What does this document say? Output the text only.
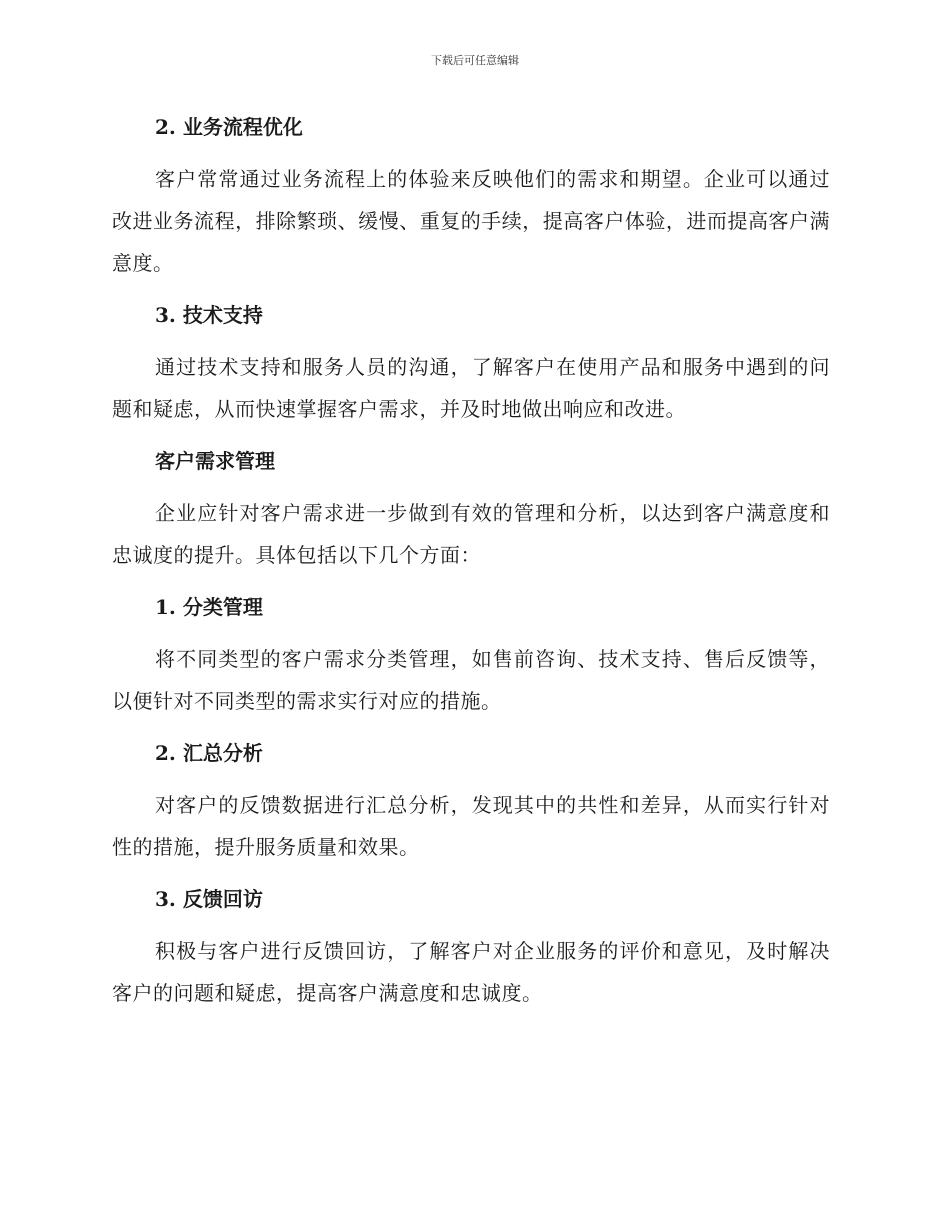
下载后可任意编辑
2. 业务流程优化

客户常常通过业务流程上的体验来反映他们的需求和期望。企业可以通过改进业务流程，排除繁琐、缓慢、重复的手续，提高客户体验，进而提高客户满意度。

3. 技术支持

通过技术支持和服务人员的沟通，了解客户在使用产品和服务中遇到的问题和疑虑，从而快速掌握客户需求，并及时地做出响应和改进。

客户需求管理

企业应针对客户需求进一步做到有效的管理和分析，以达到客户满意度和忠诚度的提升。具体包括以下几个方面：

1. 分类管理

将不同类型的客户需求分类管理，如售前咨询、技术支持、售后反馈等，以便针对不同类型的需求实行对应的措施。

2. 汇总分析

对客户的反馈数据进行汇总分析，发现其中的共性和差异，从而实行针对性的措施，提升服务质量和效果。

3. 反馈回访

积极与客户进行反馈回访，了解客户对企业服务的评价和意见，及时解决客户的问题和疑虑，提高客户满意度和忠诚度。
